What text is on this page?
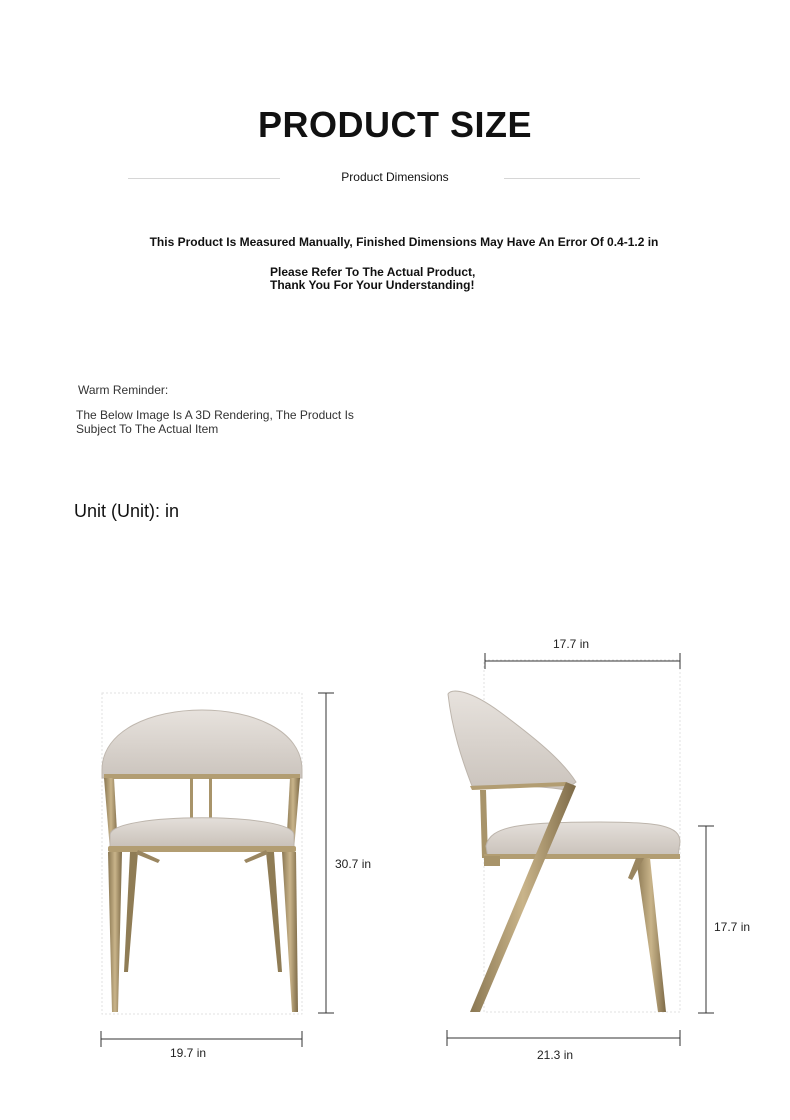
PRODUCT SIZE
Product Dimensions
This Product Is Measured Manually, Finished Dimensions May Have An Error Of 0.4-1.2 in
Please Refer To The Actual Product,
Thank You For Your Understanding!
Warm Reminder:
The Below Image Is A 3D Rendering, The Product Is
Subject To The Actual Item
Unit (Unit): in
30.7 in
19.7 in
17.7 in
17.7 in
21.3 in
